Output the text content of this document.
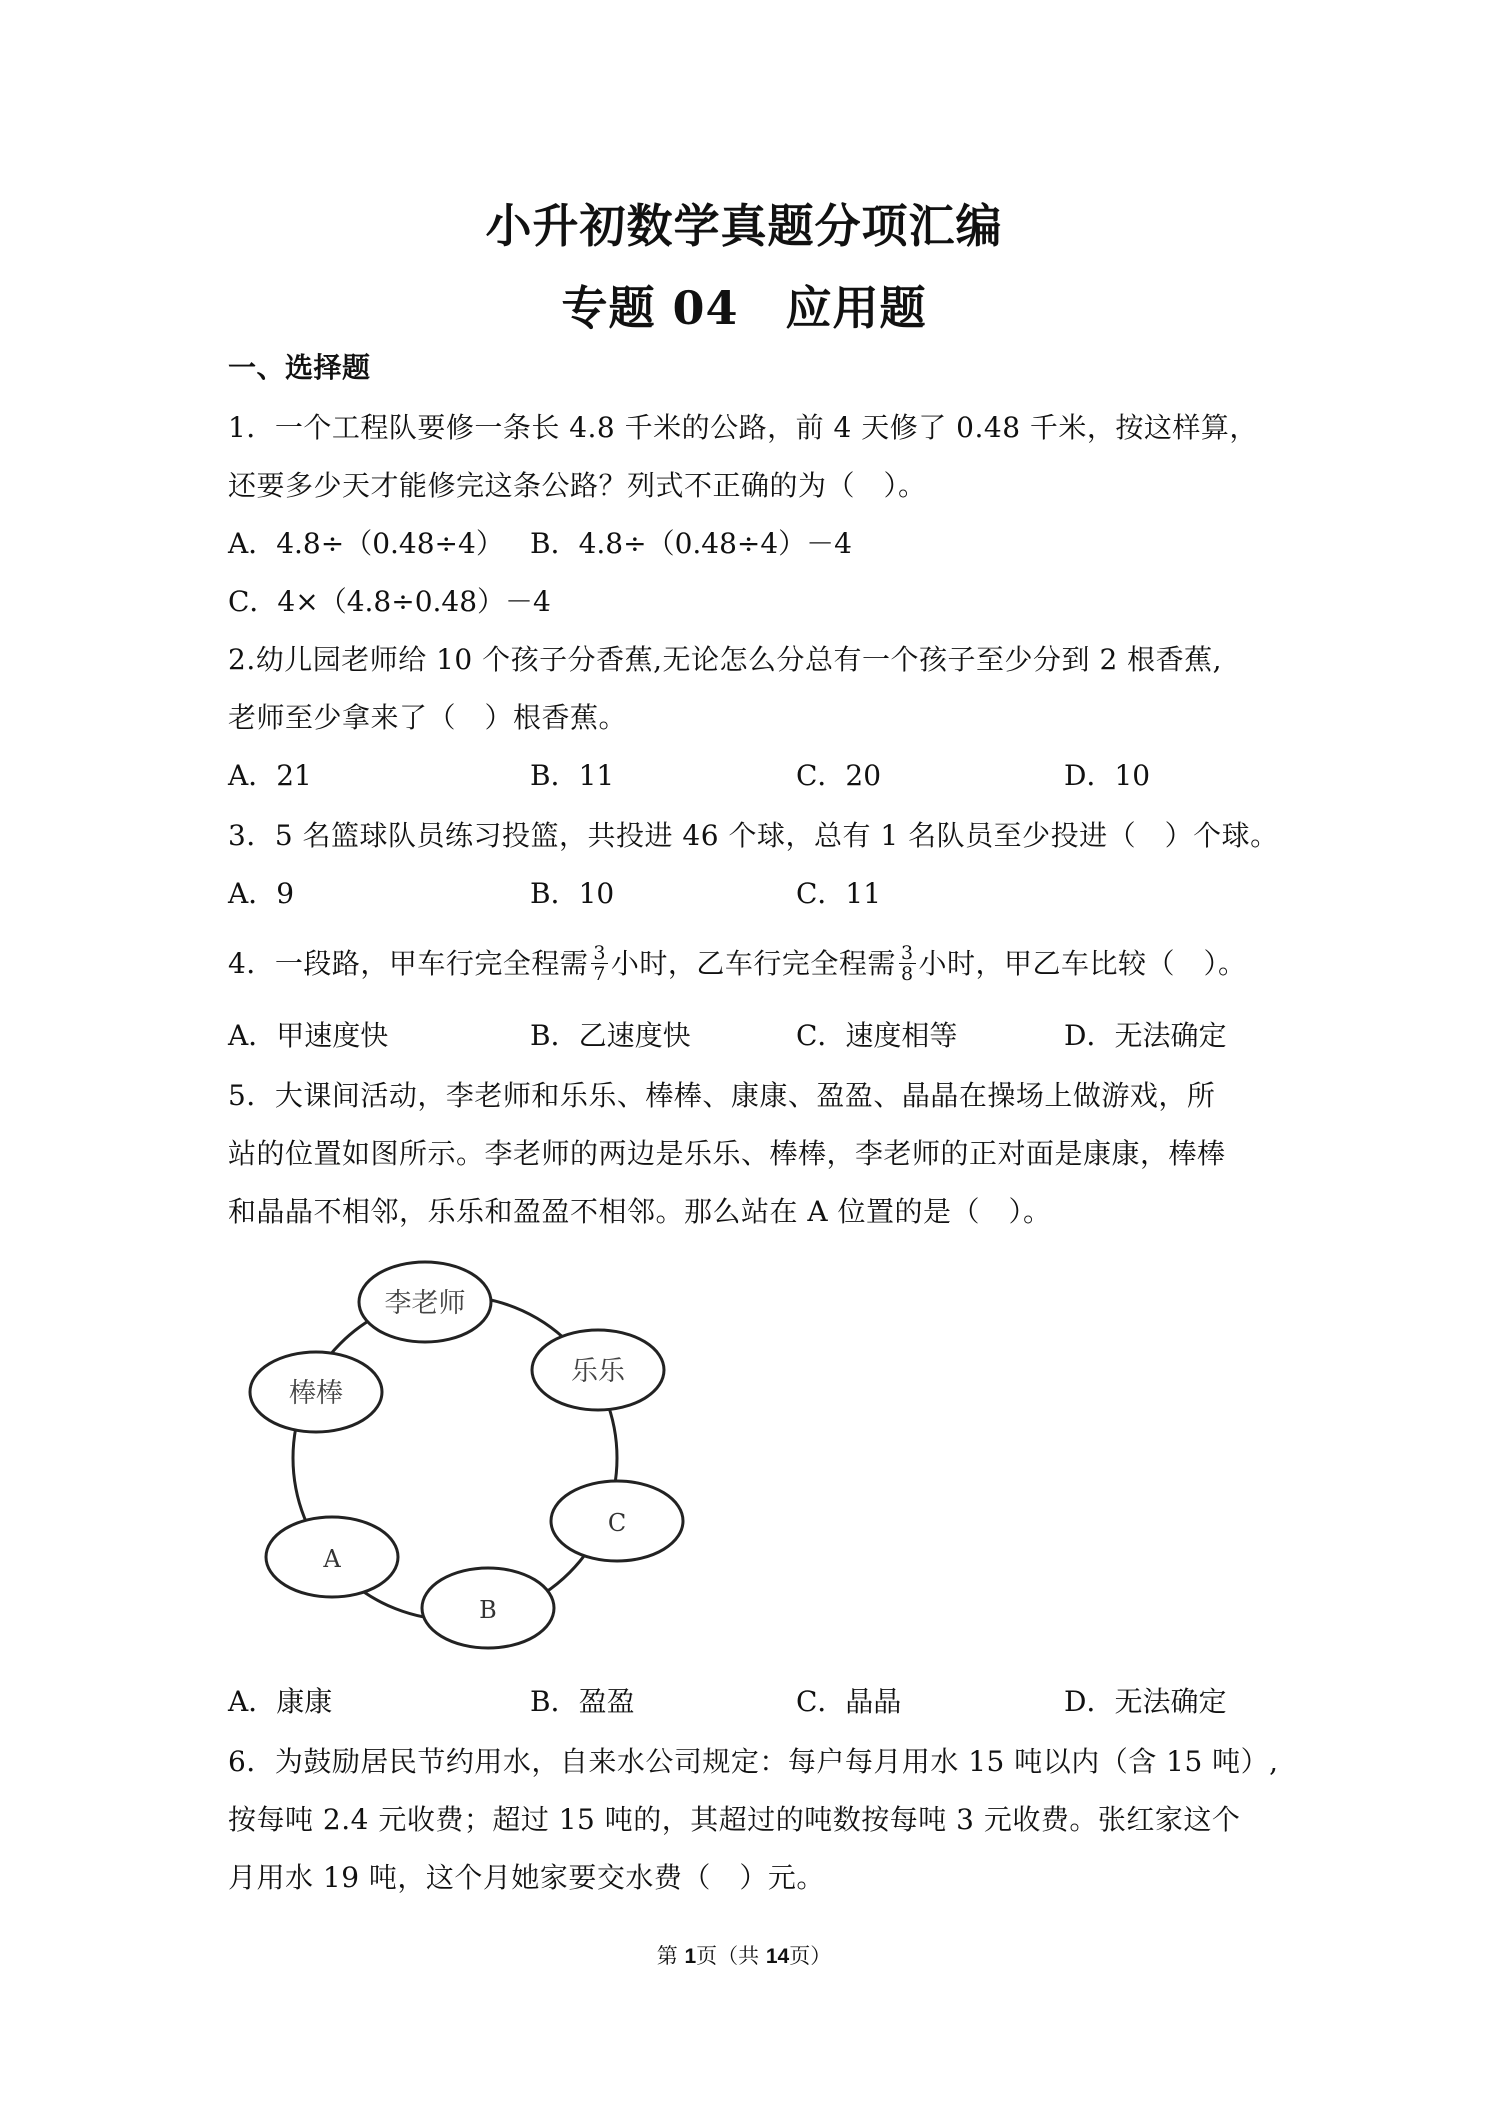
小升初数学真题分项汇编
专题 04　应用题
一、选择题
1．一个工程队要修一条长 4.8 千米的公路，前 4 天修了 0.48 千米，按这样算，
还要多少天才能修完这条公路？列式不正确的为（　）。
A．4.8÷（0.48÷4） B．4.8÷（0.48÷4）－4
C．4×（4.8÷0.48）－4
2.幼儿园老师给 10 个孩子分香蕉,无论怎么分总有一个孩子至少分到 2 根香蕉,
老师至少拿来了（　）根香蕉。
A．21	B．11	C．20	D．10
3．5 名篮球队员练习投篮，共投进 46 个球，总有 1 名队员至少投进（　）个球。
A．9	B．10	C．11
4．一段路，甲车行完全程需 $\frac{3}{7}$ 小时，乙车行完全程需 $\frac{3}{8}$ 小时，甲乙车比较（　）。
A．甲速度快	B．乙速度快	C．速度相等	D．无法确定
5．大课间活动，李老师和乐乐、棒棒、康康、盈盈、晶晶在操场上做游戏，所
站的位置如图所示。李老师的两边是乐乐、棒棒，李老师的正对面是康康，棒棒
和晶晶不相邻，乐乐和盈盈不相邻。那么站在 A 位置的是（　）。
李老师
乐乐
棒棒
C
A
B
A．康康	B．盈盈	C．晶晶	D．无法确定
6．为鼓励居民节约用水，自来水公司规定：每户每月用水 15 吨以内（含 15 吨）,
按每吨 2.4 元收费；超过 15 吨的，其超过的吨数按每吨 3 元收费。张红家这个
月用水 19 吨，这个月她家要交水费（　）元。
第 1页（共 14页）
